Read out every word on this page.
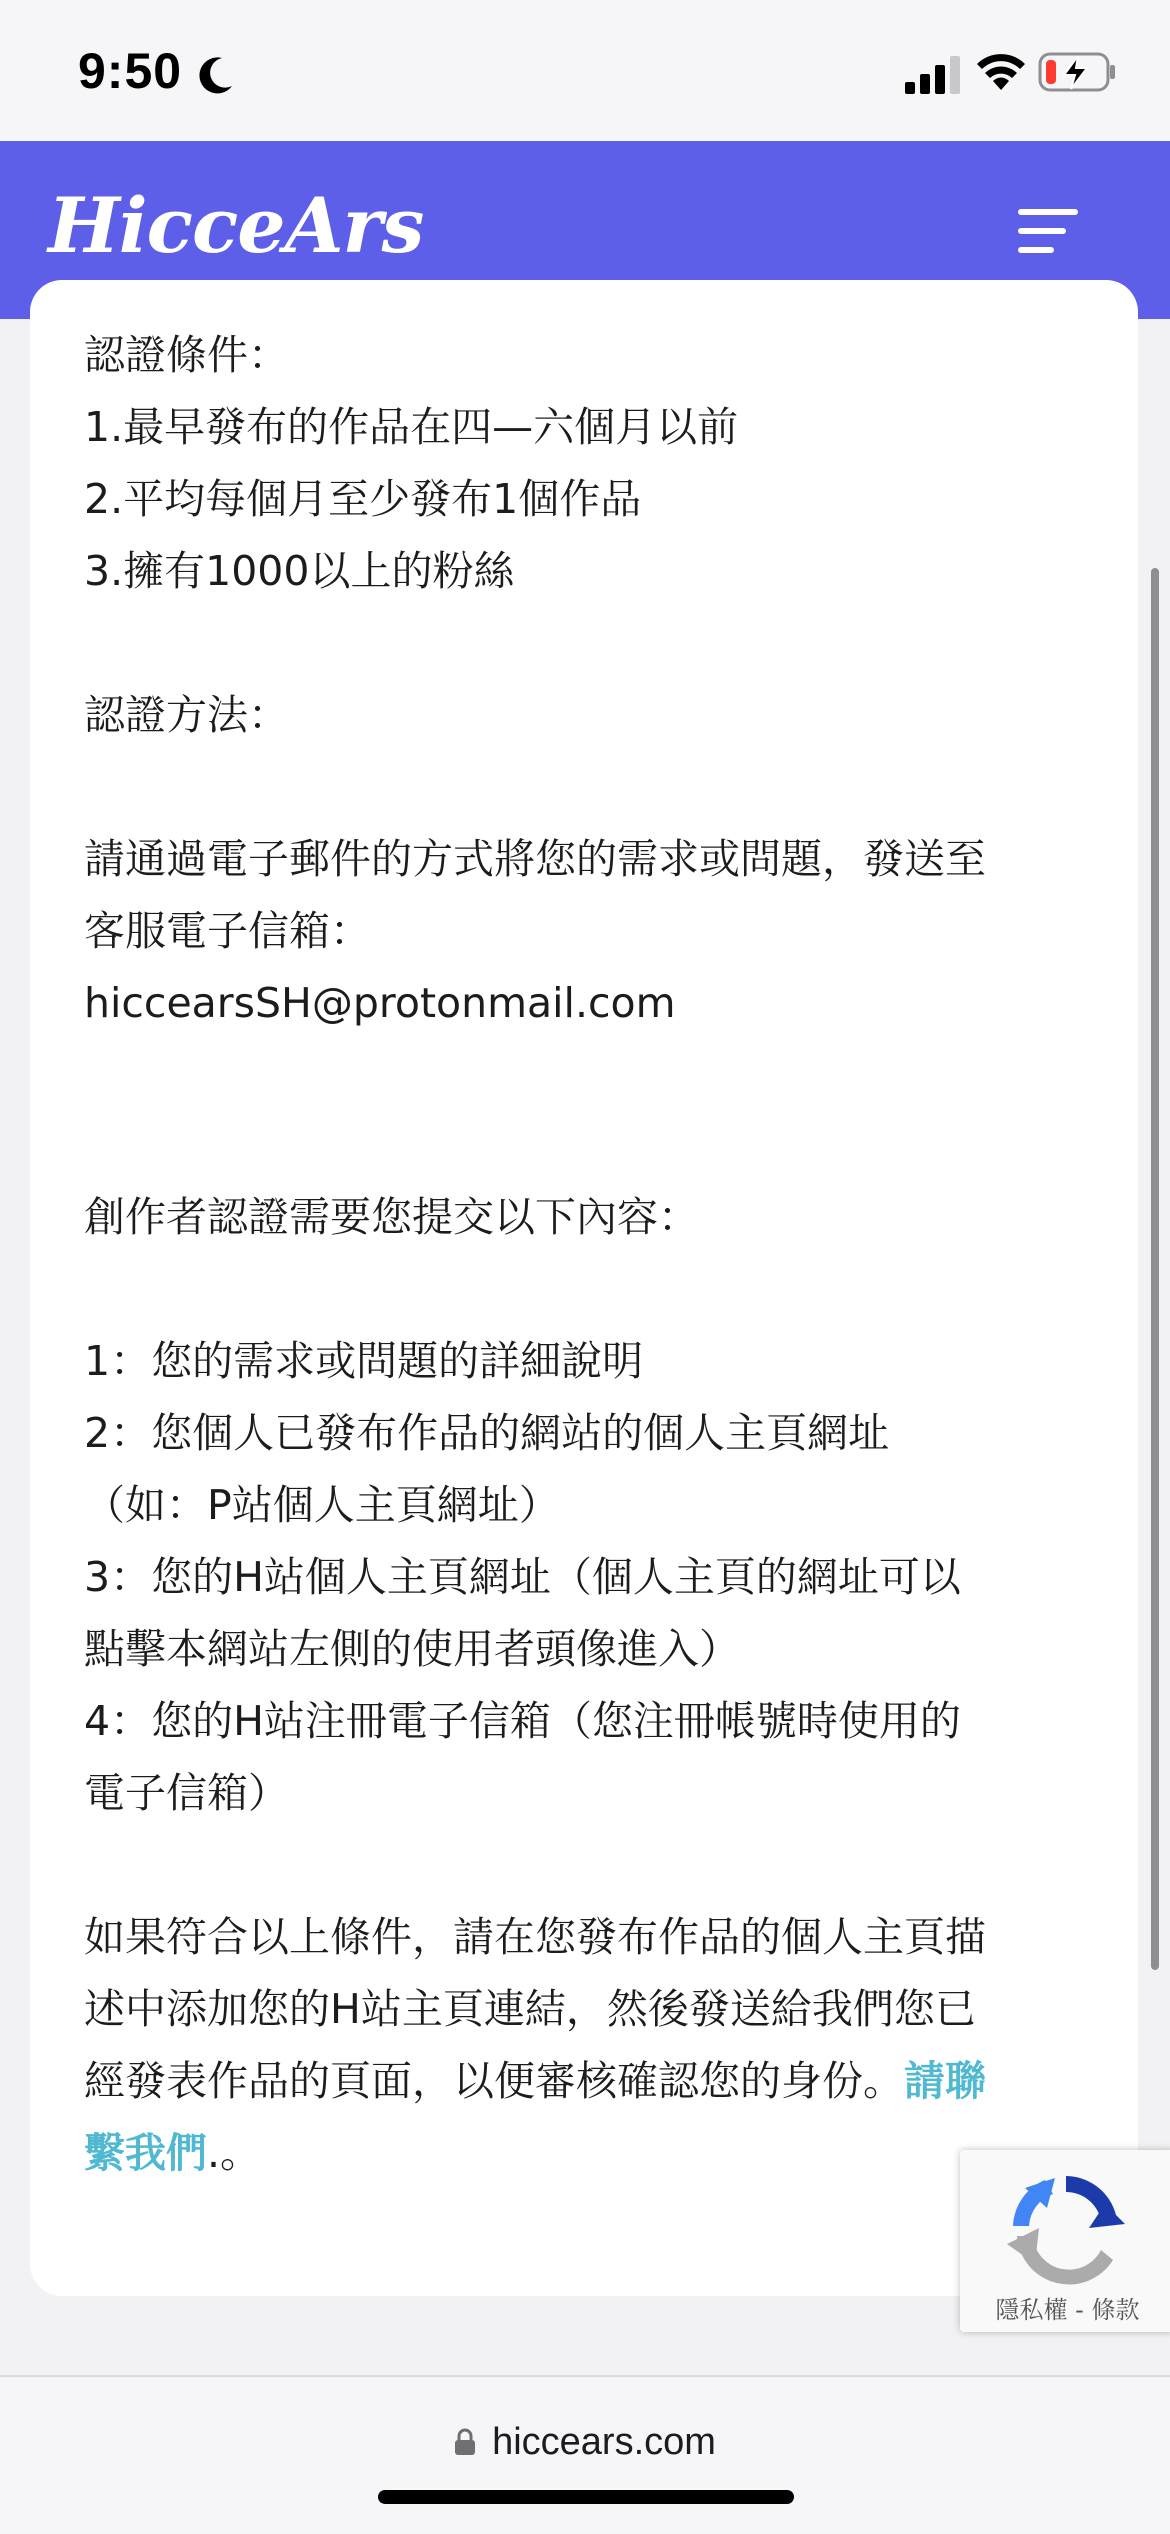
9:50
HicceArs

認證條件：

1.最早發布的作品在四—六個月以前

2.平均每個月至少發布1個作品

3.擁有1000以上的粉絲

認證方法：

請通過電子郵件的方式將您的需求或問題，發送至

客服電子信箱：

hiccearsSH@protonmail.com

創作者認證需要您提交以下內容：

1：您的需求或問題的詳細說明

2：您個人已發布作品的網站的個人主頁網址

（如：P站個人主頁網址）

3：您的H站個人主頁網址（個人主頁的網址可以

點擊本網站左側的使用者頭像進入）

4：您的H站注冊電子信箱（您注冊帳號時使用的

電子信箱）

如果符合以上條件，請在您發布作品的個人主頁描

述中添加您的H站主頁連結，然後發送給我們您已

經發表作品的頁面，以便審核確認您的身份。請聯

繫我們.。

隱私權 - 條款
hiccears.com
